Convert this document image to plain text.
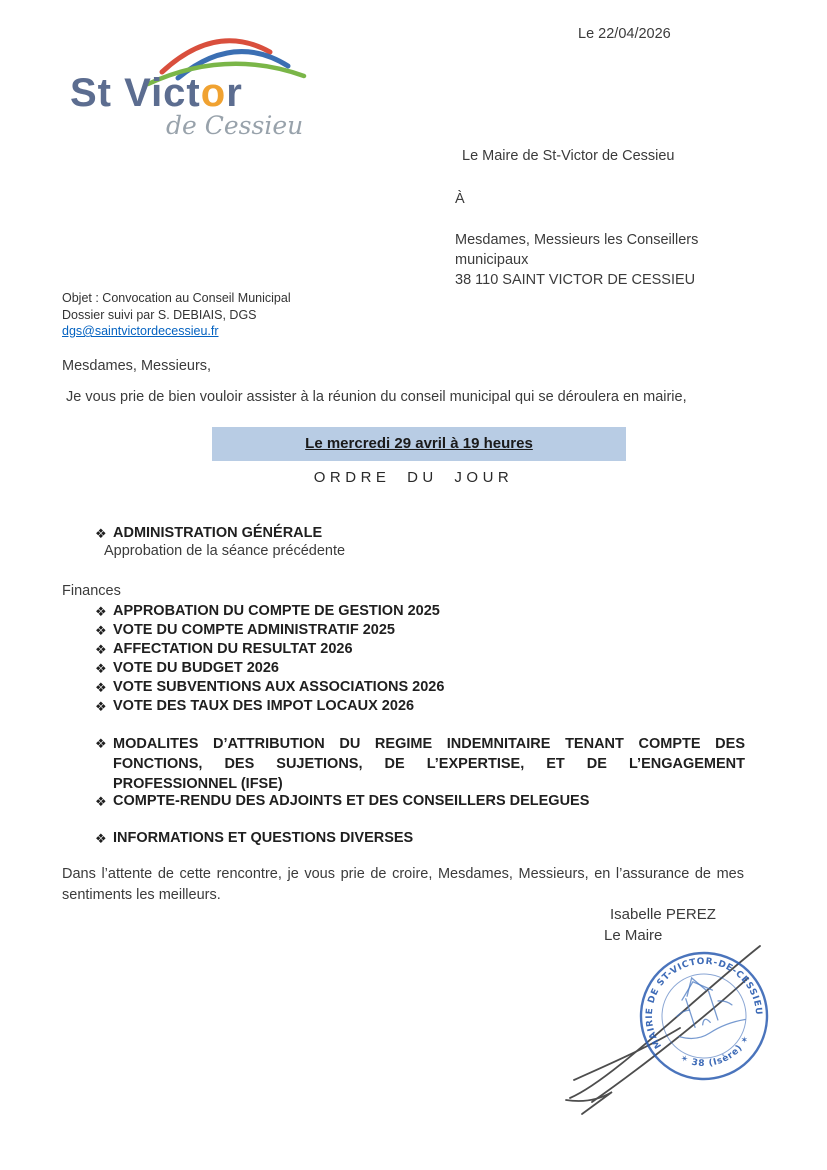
Le 22/04/2026
St Victor
de Cessieu
Le Maire de St-Victor de Cessieu
À
Mesdames, Messieurs les Conseillers
municipaux
38 110 SAINT VICTOR DE CESSIEU
Objet : Convocation au Conseil Municipal
Dossier suivi par S. DEBIAIS, DGS
dgs@saintvictordecessieu.fr
Mesdames, Messieurs,
Je vous prie de bien vouloir assister à la réunion du conseil municipal qui se déroulera en mairie,
Le mercredi 29 avril à 19 heures
ORDRE DU JOUR
❖ ADMINISTRATION GÉNÉRALE
Approbation de la séance précédente
Finances
❖ APPROBATION DU COMPTE DE GESTION 2025
❖ VOTE DU COMPTE ADMINISTRATIF 2025
❖ AFFECTATION DU RESULTAT 2026
❖ VOTE DU BUDGET 2026
❖ VOTE SUBVENTIONS AUX ASSOCIATIONS 2026
❖ VOTE DES TAUX DES IMPOT LOCAUX 2026
❖ MODALITES D’ATTRIBUTION DU REGIME INDEMNITAIRE TENANT COMPTE DES FONCTIONS, DES SUJETIONS, DE L’EXPERTISE, ET DE L’ENGAGEMENT PROFESSIONNEL (IFSE)
❖ COMPTE-RENDU DES ADJOINTS ET DES CONSEILLERS DELEGUES
❖ INFORMATIONS ET QUESTIONS DIVERSES
Dans l’attente de cette rencontre, je vous prie de croire, Mesdames, Messieurs, en l’assurance de mes sentiments les meilleurs.
Isabelle PEREZ
Le Maire
MAIRIE DE ST-VICTOR-DE-CESSIEU
✶ 38 (Isère) ✶
